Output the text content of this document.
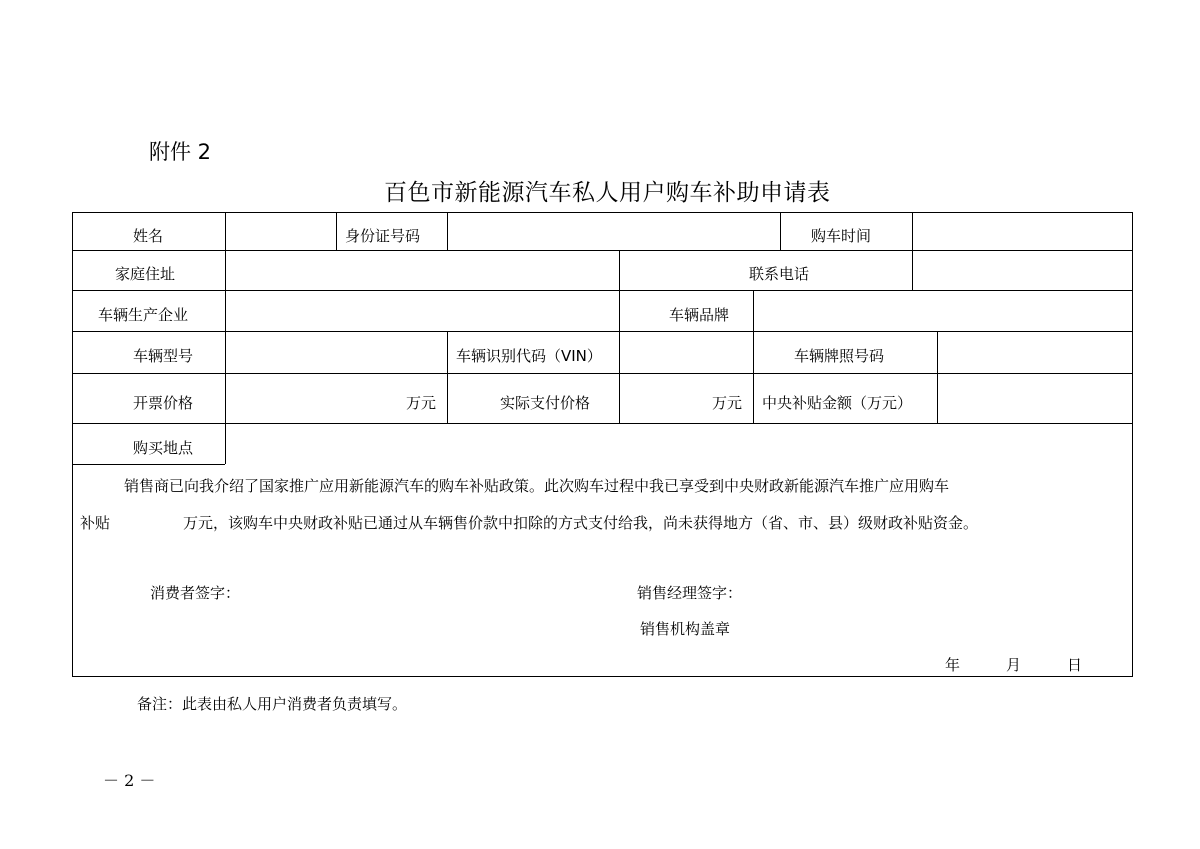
附件 2
百色市新能源汽车私人用户购车补助申请表
姓名	身份证号码	购车时间
家庭住址	联系电话
车辆生产企业	车辆品牌
车辆型号	车辆识别代码（VIN）	车辆牌照号码
开票价格	万元	实际支付价格	万元 中央补贴金额（万元）
购买地点
销售商已向我介绍了国家推广应用新能源汽车的购车补贴政策。此次购车过程中我已享受到中央财政新能源汽车推广应用购车
补贴	万元，该购车中央财政补贴已通过从车辆售价款中扣除的方式支付给我，尚未获得地方（省、市、县）级财政补贴资金。
消费者签字：	销售经理签字：
销售机构盖章
年	月	日
备注：此表由私人用户消费者负责填写。
－ 2 －
